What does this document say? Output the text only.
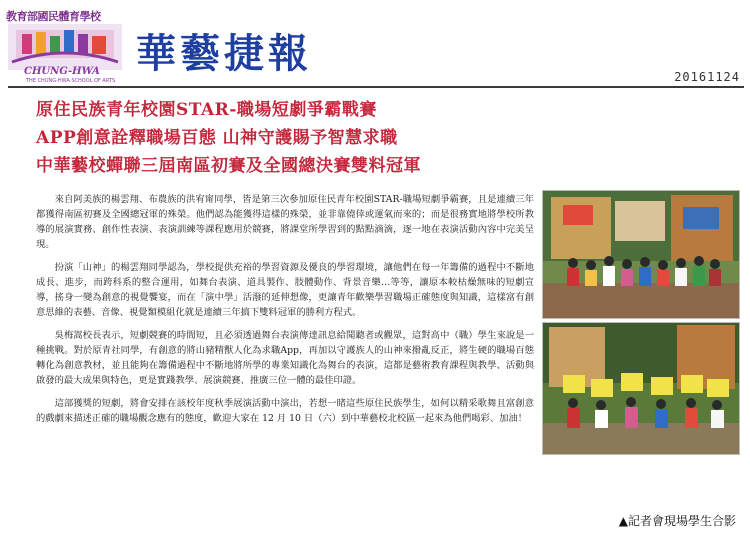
教育部國民體育學校
CHUNG-HWA
THE CHUNG-HWA SCHOOL OF ARTS
華藝捷報	20161124
原住民族青年校園STAR-職場短劇爭霸戰賽
APP創意詮釋職場百態 山神守護賜予智慧求職
中華藝校蟬聯三屆南區初賽及全國總決賽雙料冠軍

來自阿美族的楊雲翔、布農族的洪宥甯同學，皆是第三次參加原住民青年校園STAR-職場短劇爭霸賽，且是連續三年都獲得南區初賽及全國總冠軍的殊榮。他們認為能獲得這樣的殊榮，並非靠僥倖或運氣而來的；而是很務實地將學校所教導的展演實務、創作性表演、表演訓練等課程應用於競賽，將課堂所學習到的點點滴滴，逐一地在表演活動內容中完美呈現。

扮演「山神」的楊雲翔同學認為，學校提供充裕的學習資源及優良的學習環境，讓他們在每一年籌備的過程中不斷地成長、進步，而跨科系的整合運用，如舞台表演、道具製作、肢體動作、背景音樂…等等，讓原本較枯燥無味的短劇宣導，搖身一變為創意的視覺饗宴，而在「演中學」活潑的延伸想像，更讓青年歡樂學習職場正確態度與知識，這樣富有創意思維的表藝、音像、視覺類模組化就是連續三年搞下雙料冠軍的勝利方程式。

吳梅嵩校長表示，短劇競賽的時間短，且必須透過舞台表演傳達訊息給聞聽者或觀眾，這對高中（職）學生來說是一種挑戰。對於原青社同學，有創意的將山豬精獸人化為求職App，再加以守護族人的山神來撥亂反正，將生硬的職場百態轉化為創意教材，並且能夠在籌備過程中不斷地將所學的專業知識化為舞台的表演，這都是藝術教育課程與教學、活動與啟發的最大成果與特色，更是實踐教學、展演競賽、推廣三位一體的最佳印證。

這部獲獎的短劇，將會安排在該校年度秋季展演活動中演出，若想一睹這些原住民族學生，如何以精采歌舞且富創意的戲劇來描述正確的職場觀念應有的態度，歡迎大家在 12 月 10 日（六）到中華藝校北校區一起來為他們喝彩、加油！

▲記者會現場學生合影
